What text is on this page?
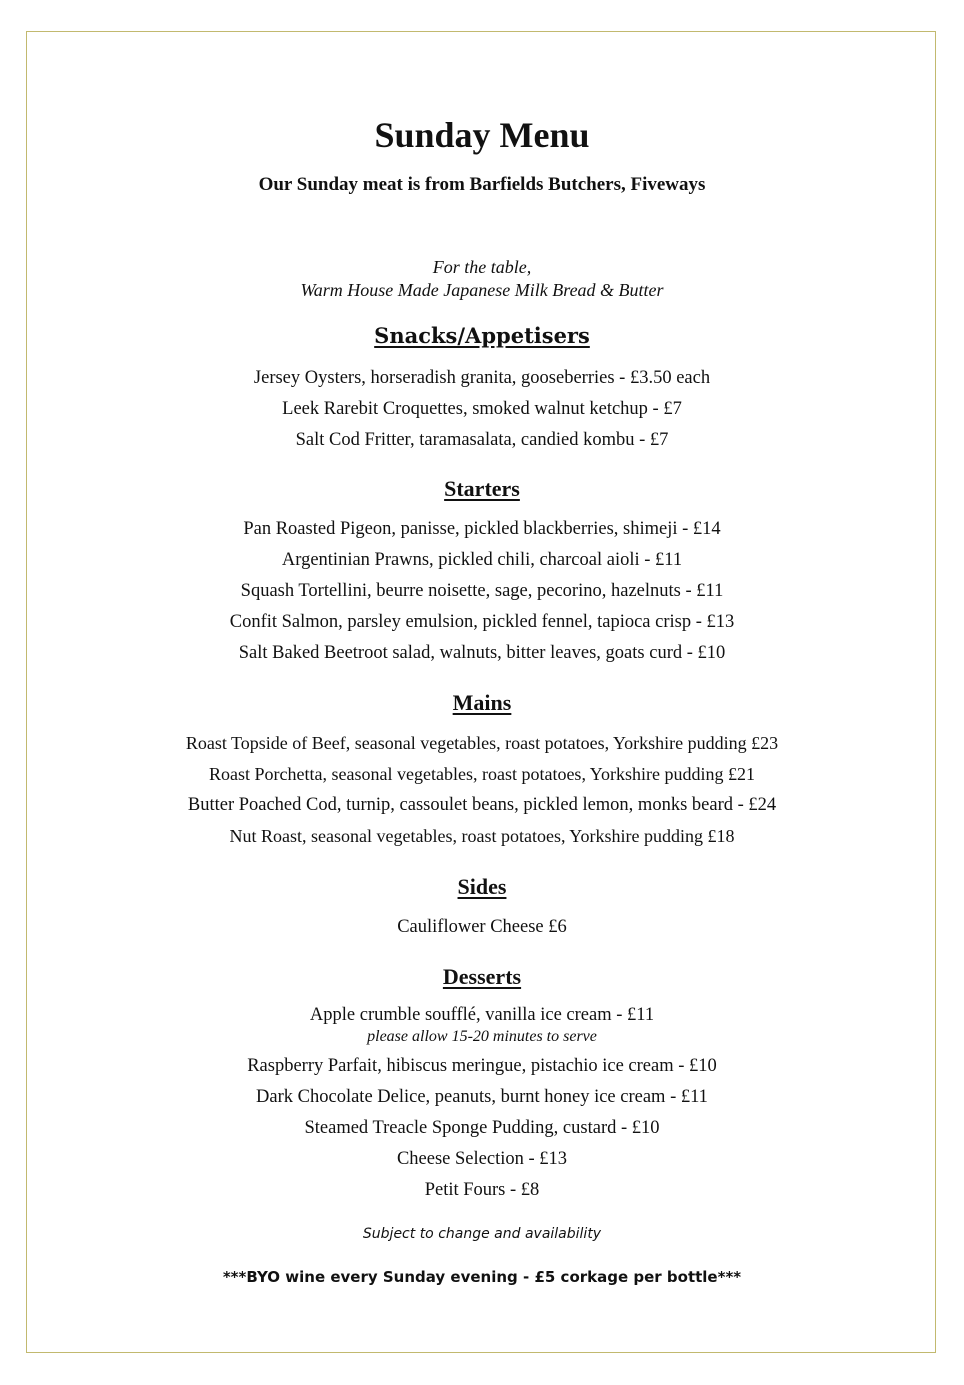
Sunday Menu
Our Sunday meat is from Barfields Butchers, Fiveways
For the table,
Warm House Made Japanese Milk Bread & Butter
Snacks/Appetisers
Jersey Oysters, horseradish granita, gooseberries - £3.50 each
Leek Rarebit Croquettes, smoked walnut ketchup - £7
Salt Cod Fritter, taramasalata, candied kombu - £7
Starters
Pan Roasted Pigeon, panisse, pickled blackberries, shimeji - £14
Argentinian Prawns, pickled chili, charcoal aioli - £11
Squash Tortellini, beurre noisette, sage, pecorino, hazelnuts - £11
Confit Salmon, parsley emulsion, pickled fennel, tapioca crisp - £13
Salt Baked Beetroot salad, walnuts, bitter leaves, goats curd - £10
Mains
Roast Topside of Beef, seasonal vegetables, roast potatoes, Yorkshire pudding £23
Roast Porchetta, seasonal vegetables, roast potatoes, Yorkshire pudding £21
Butter Poached Cod, turnip, cassoulet beans, pickled lemon, monks beard - £24
Nut Roast, seasonal vegetables, roast potatoes, Yorkshire pudding £18
Sides
Cauliflower Cheese £6
Desserts
Apple crumble soufflé, vanilla ice cream - £11
please allow 15-20 minutes to serve
Raspberry Parfait, hibiscus meringue, pistachio ice cream - £10
Dark Chocolate Delice, peanuts, burnt honey ice cream - £11
Steamed Treacle Sponge Pudding, custard - £10
Cheese Selection - £13
Petit Fours - £8
Subject to change and availability
***BYO wine every Sunday evening - £5 corkage per bottle***
